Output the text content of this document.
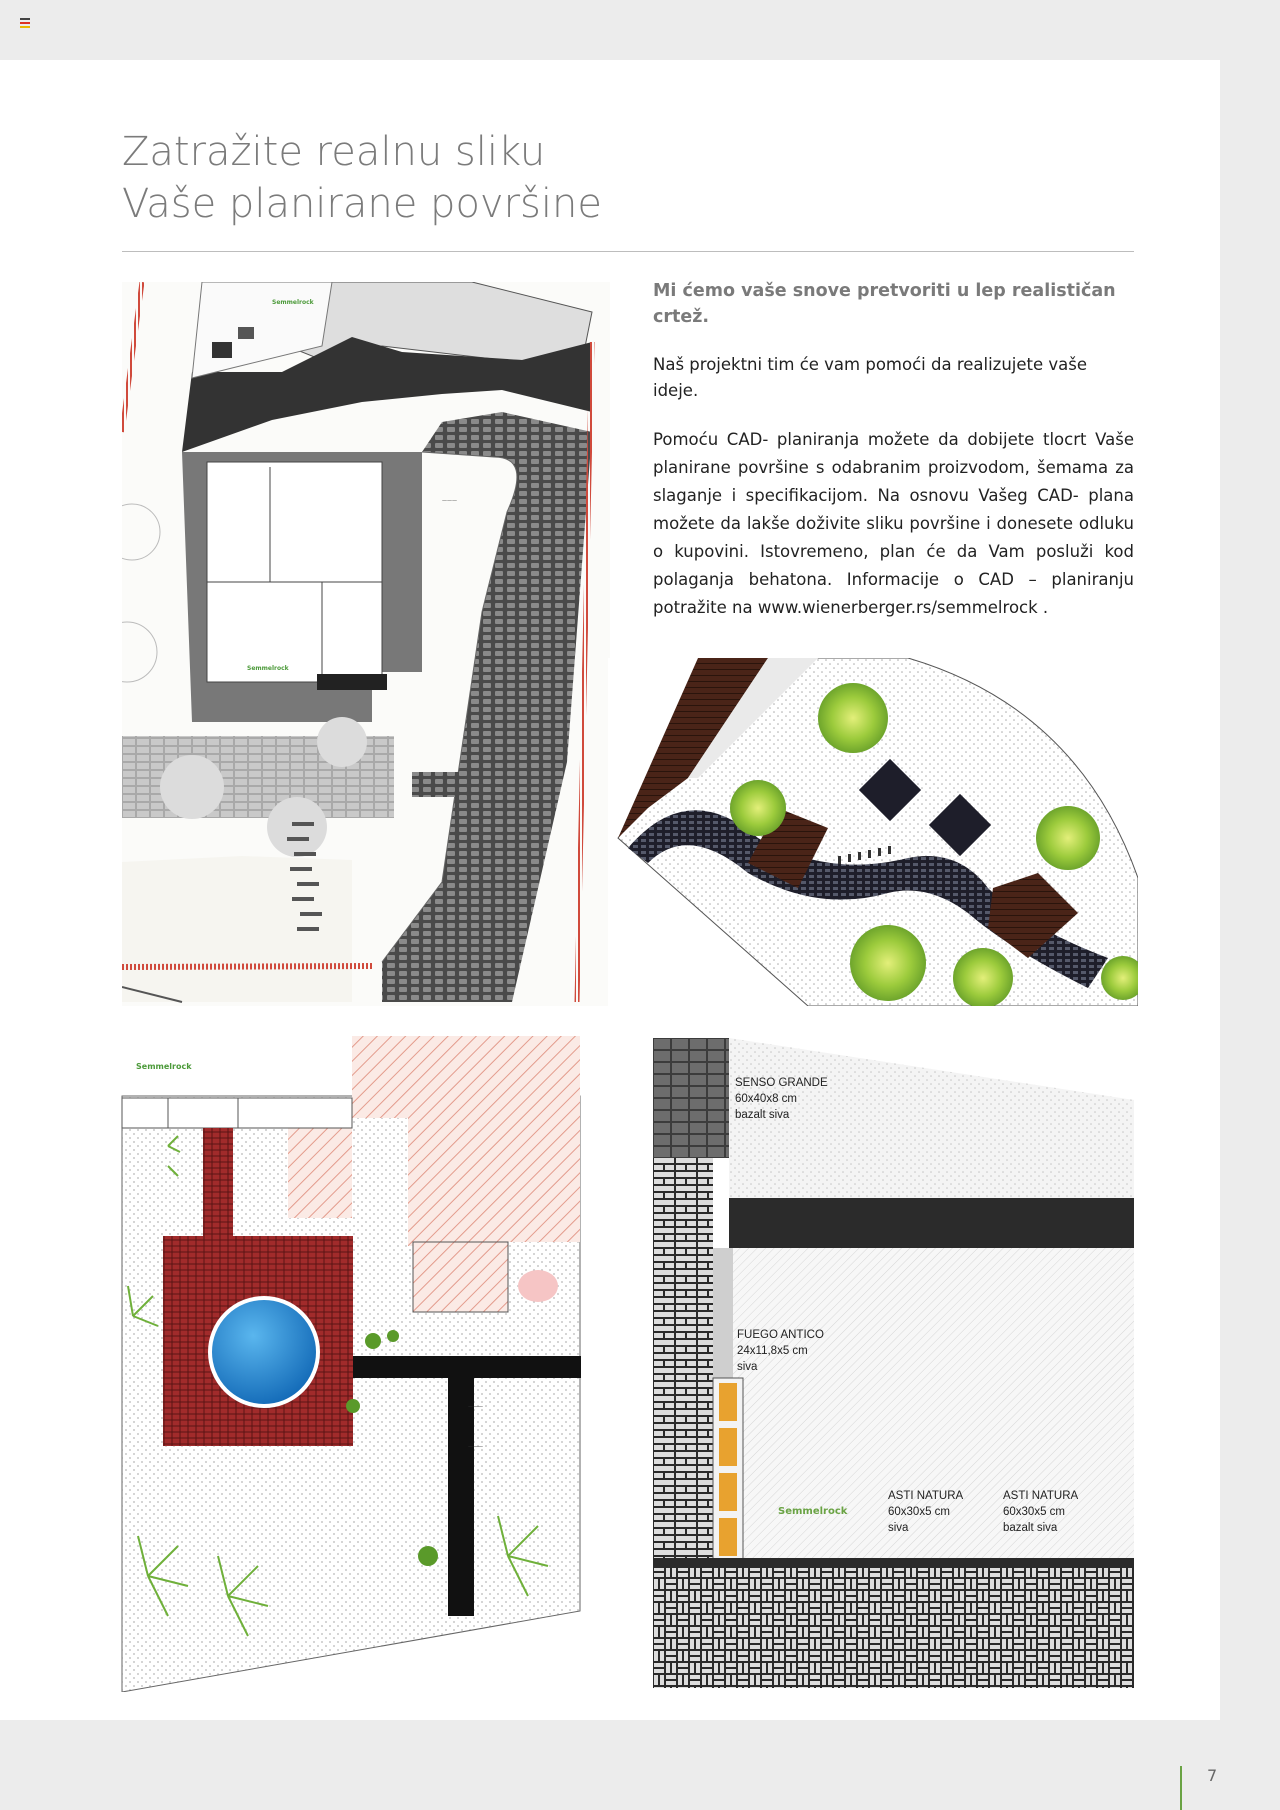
Zatražite realnu sliku
Vaše planirane površine

Mi ćemo vaše snove pretvoriti u lep realističan crtež.

Naš projektni tim će vam pomoći da realizujete vaše ideje.

Pomoću CAD- planiranja možete da dobijete tlocrt Vaše planirane površine s odabranim proizvodom, šemama za slaganje i specifikacijom. Na osnovu Vašeg CAD- plana možete da lakše doživite sliku površine i donesete odluku o kupovini. Istovremeno, plan će da Vam posluži kod polaganja behatona. Informacije o CAD – planiranju potražite na www.wienerberger.rs/semmelrock .

Semmelrock
Semmelrock
———
Semmelrock
———
———
SENSO GRANDE 60x40x8 cm bazalt siva
FUEGO ANTICO 24x11,8x5 cm siva
ASTI NATURA 60x30x5 cm siva
ASTI NATURA 60x30x5 cm bazalt siva
Semmelrock
7
